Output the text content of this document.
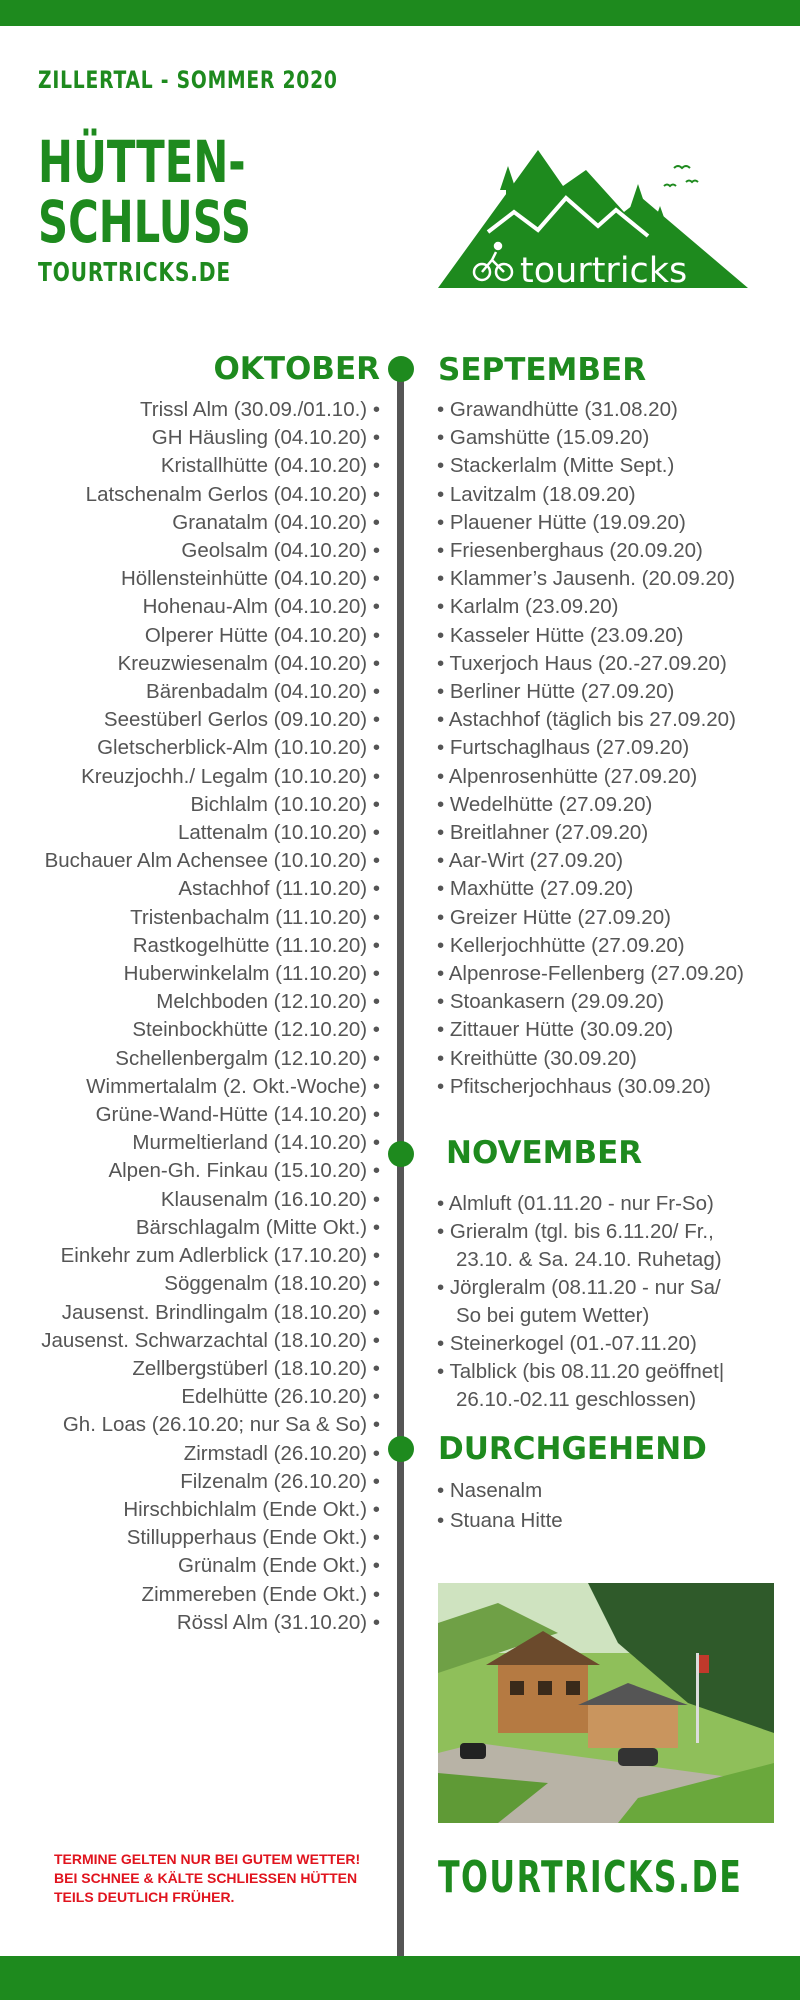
ZILLERTAL - SOMMER 2020
HÜTTEN-
SCHLUSS
TOURTRICKS.DE	tourtricks
OKTOBER SEPTEMBER
NOVEMBER
DURCHGEHEND
Trissl Alm (30.09./01.10.) •
GH Häusling (04.10.20) •
Kristallhütte (04.10.20) •
Latschenalm Gerlos (04.10.20) •
Granatalm (04.10.20) •
Geolsalm (04.10.20) •
Höllensteinhütte (04.10.20) •
Hohenau-Alm (04.10.20) •
Olperer Hütte (04.10.20) •
Kreuzwiesenalm (04.10.20) •
Bärenbadalm (04.10.20) •
Seestüberl Gerlos (09.10.20) •
Gletscherblick-Alm (10.10.20) •
Kreuzjochh./ Legalm (10.10.20) •
Bichlalm (10.10.20) •
Lattenalm (10.10.20) •
Buchauer Alm Achensee (10.10.20) •
Astachhof (11.10.20) •
Tristenbachalm (11.10.20) •
Rastkogelhütte (11.10.20) •
Huberwinkelalm (11.10.20) •
Melchboden (12.10.20) •
Steinbockhütte (12.10.20) •
Schellenbergalm (12.10.20) •
Wimmertalalm (2. Okt.-Woche) •
Grüne-Wand-Hütte (14.10.20) •
Murmeltierland (14.10.20) •
Alpen-Gh. Finkau (15.10.20) •
Klausenalm (16.10.20) •
Bärschlagalm (Mitte Okt.) •
Einkehr zum Adlerblick (17.10.20) •
Söggenalm (18.10.20) •
Jausenst. Brindlingalm (18.10.20) •
Jausenst. Schwarzachtal (18.10.20) •
Zellbergstüberl (18.10.20) •
Edelhütte (26.10.20) •
Gh. Loas (26.10.20; nur Sa & So) •
Zirmstadl (26.10.20) •
Filzenalm (26.10.20) •
Hirschbichlalm (Ende Okt.) •
Stillupperhaus (Ende Okt.) •
Grünalm (Ende Okt.) •
Zimmereben (Ende Okt.) •
Rössl Alm (31.10.20) •
• Grawandhütte (31.08.20)
• Gamshütte (15.09.20)
• Stackerlalm (Mitte Sept.)
• Lavitzalm (18.09.20)
• Plauener Hütte (19.09.20)
• Friesenberghaus (20.09.20)
• Klammer’s Jausenh. (20.09.20)
• Karlalm (23.09.20)
• Kasseler Hütte (23.09.20)
• Tuxerjoch Haus (20.-27.09.20)
• Berliner Hütte (27.09.20)
• Astachhof (täglich bis 27.09.20)
• Furtschaglhaus (27.09.20)
• Alpenrosenhütte (27.09.20)
• Wedelhütte (27.09.20)
• Breitlahner (27.09.20)
• Aar-Wirt (27.09.20)
• Maxhütte (27.09.20)
• Greizer Hütte (27.09.20)
• Kellerjochhütte (27.09.20)
• Alpenrose-Fellenberg (27.09.20)
• Stoankasern (29.09.20)
• Zittauer Hütte (30.09.20)
• Kreithütte (30.09.20)
• Pfitscherjochhaus (30.09.20)
• Almluft (01.11.20 - nur Fr-So)
• Grieralm (tgl. bis 6.11.20/ Fr.,
23.10. & Sa. 24.10. Ruhetag)
• Jörgleralm (08.11.20 - nur Sa/
So bei gutem Wetter)
• Steinerkogel (01.-07.11.20)
• Talblick (bis 08.11.20 geöffnet|
26.10.-02.11 geschlossen)
• Nasenalm
• Stuana Hitte
TERMINE GELTEN NUR BEI GUTEM WETTER!
BEI SCHNEE & KÄLTE SCHLIESSEN HÜTTEN
TEILS DEUTLICH FRÜHER.	TOURTRICKS.DE
